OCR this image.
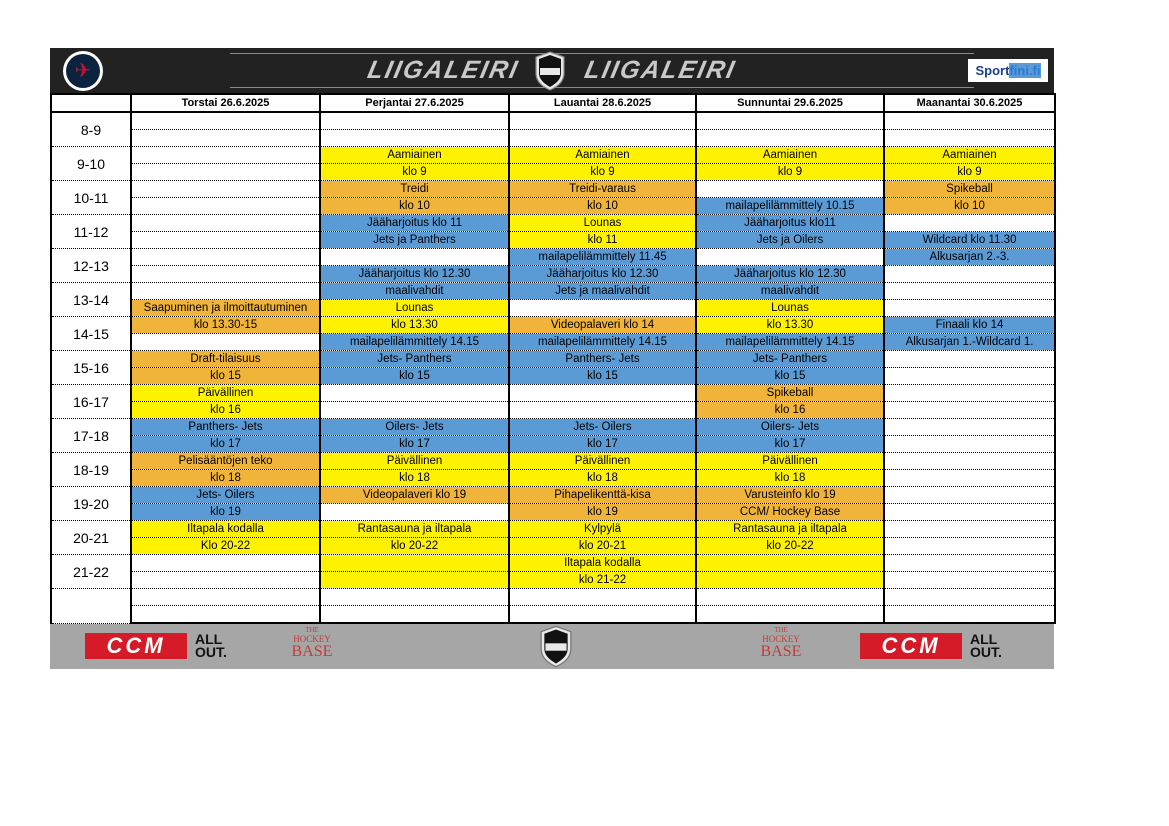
✈	LIIGALEIRI LIIGALEIRI	Sport fini.fi
	Torstai 26.6.2025	Perjantai 27.6.2025	Lauantai 28.6.2025	Sunnuntai 29.6.2025	Maanantai 30.6.2025
8-9					

9-10		Aamiainen	Aamiainen	Aamiainen	Aamiainen
		klo 9	klo 9	klo 9	klo 9
10-11		Treidi	Treidi-varaus		Spikeball
		klo 10	klo 10	mailapelilämmittely 10.15	klo 10
11-12		Jääharjoitus klo 11	Lounas	Jääharjoitus klo11	
		Jets ja Panthers	klo 11	Jets ja Oilers	Wildcard klo 11.30
12-13			mailapelilämmittely 11.45		Alkusarjan 2.-3.
		Jääharjoitus klo 12.30	Jääharjoitus klo 12.30	Jääharjoitus klo 12.30	
13-14		maalivahdit	Jets ja maalivahdit	maalivahdit	
	Saapuminen ja ilmoittautuminen	Lounas		Lounas	
14-15	klo 13.30-15	klo 13.30	Videopalaveri klo 14	klo 13.30	Finaali klo 14
		mailapelilämmittely 14.15	mailapelilämmittely 14.15	mailapelilämmittely 14.15	Alkusarjan 1.-Wildcard 1.
15-16	Draft-tilaisuus	Jets- Panthers	Panthers- Jets	Jets- Panthers	
	klo 15	klo 15	klo 15	klo 15	
16-17	Päivällinen			Spikeball	
	klo 16			klo 16	
17-18	Panthers- Jets	Oilers- Jets	Jets- Oilers	Oilers- Jets	
	klo 17	klo 17	klo 17	klo 17	
18-19	Pelisääntöjen teko	Päivällinen	Päivällinen	Päivällinen	
	klo 18	klo 18	klo 18	klo 18	
19-20	Jets- Oilers	Videopalaveri klo 19	Pihapelikenttä-kisa	Varusteinfo klo 19	
	klo 19		klo 19	CCM/ Hockey Base	
20-21	Iltapala kodalla	Rantasauna ja iltapala	Kylpylä	Rantasauna ja iltapala	
	Klo 20-22	klo 20-22	klo 20-21	klo 20-22	
21-22			Iltapala kodalla		
			klo 21-22		

CCM	ALL
OUT.
THE
HOCKEY
BASE
THE
HOCKEY
BASE	CCM	ALL
OUT.
